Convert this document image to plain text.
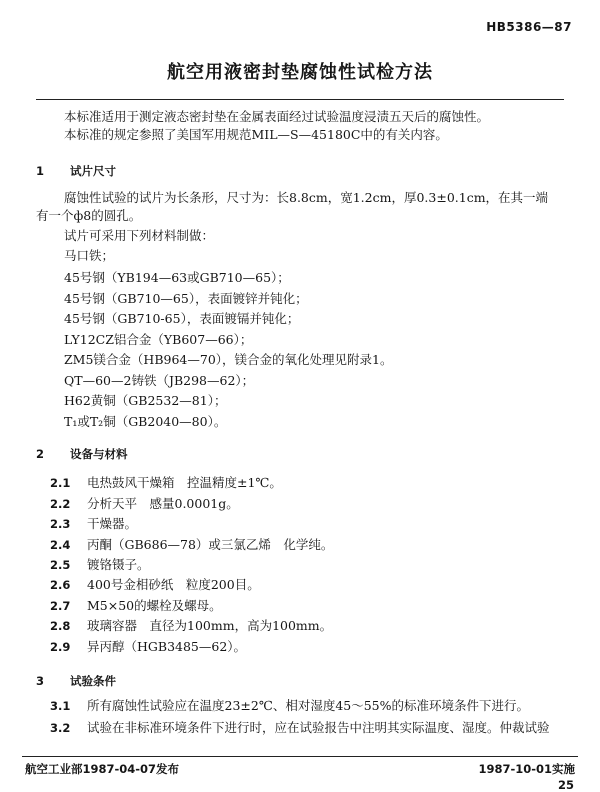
HB5386—87
航空用液密封垫腐蚀性试检方法
本标准适用于测定液态密封垫在金属表面经过试验温度浸渍五天后的腐蚀性。
本标准的规定参照了美国军用规范MIL—S—45180C中的有关内容。
1 试片尺寸
腐蚀性试验的试片为长条形，尺寸为：长8.8cm，宽1.2cm，厚0.3±0.1cm，在其一端
有一个ф8的圆孔。
试片可采用下列材料制做：
马口铁；
45号钢（YB194—63或GB710—65）；
45号钢（GB710—65），表面镀锌并钝化；
45号钢（GB710-65），表面镀镉并钝化；
LY12CZ铝合金（YB607—66）；
ZM5镁合金（HB964—70），镁合金的氧化处理见附录1。
QT—60—2铸铁（JB298—62）；
H62黄铜（GB2532—81）；
T₁或T₂铜（GB2040—80）。
2 设备与材料
2.1 电热鼓风干燥箱　控温精度±1℃。
2.2 分析天平　感量0.0001g。
2.3 干燥器。
2.4 丙酮（GB686—78）或三氯乙烯　化学纯。
2.5 镀铬镊子。
2.6 400号金相砂纸　粒度200目。
2.7 M5×50的螺栓及螺母。
2.8 玻璃容器　直径为100mm，高为100mm。
2.9 异丙醇（HGB3485—62）。
3 试验条件
3.1 所有腐蚀性试验应在温度23±2℃、相对湿度45～55%的标准环境条件下进行。
3.2 试验在非标准环境条件下进行时，应在试验报告中注明其实际温度、湿度。仲裁试验
航空工业部1987-04-07发布	1987-10-01实施
25
